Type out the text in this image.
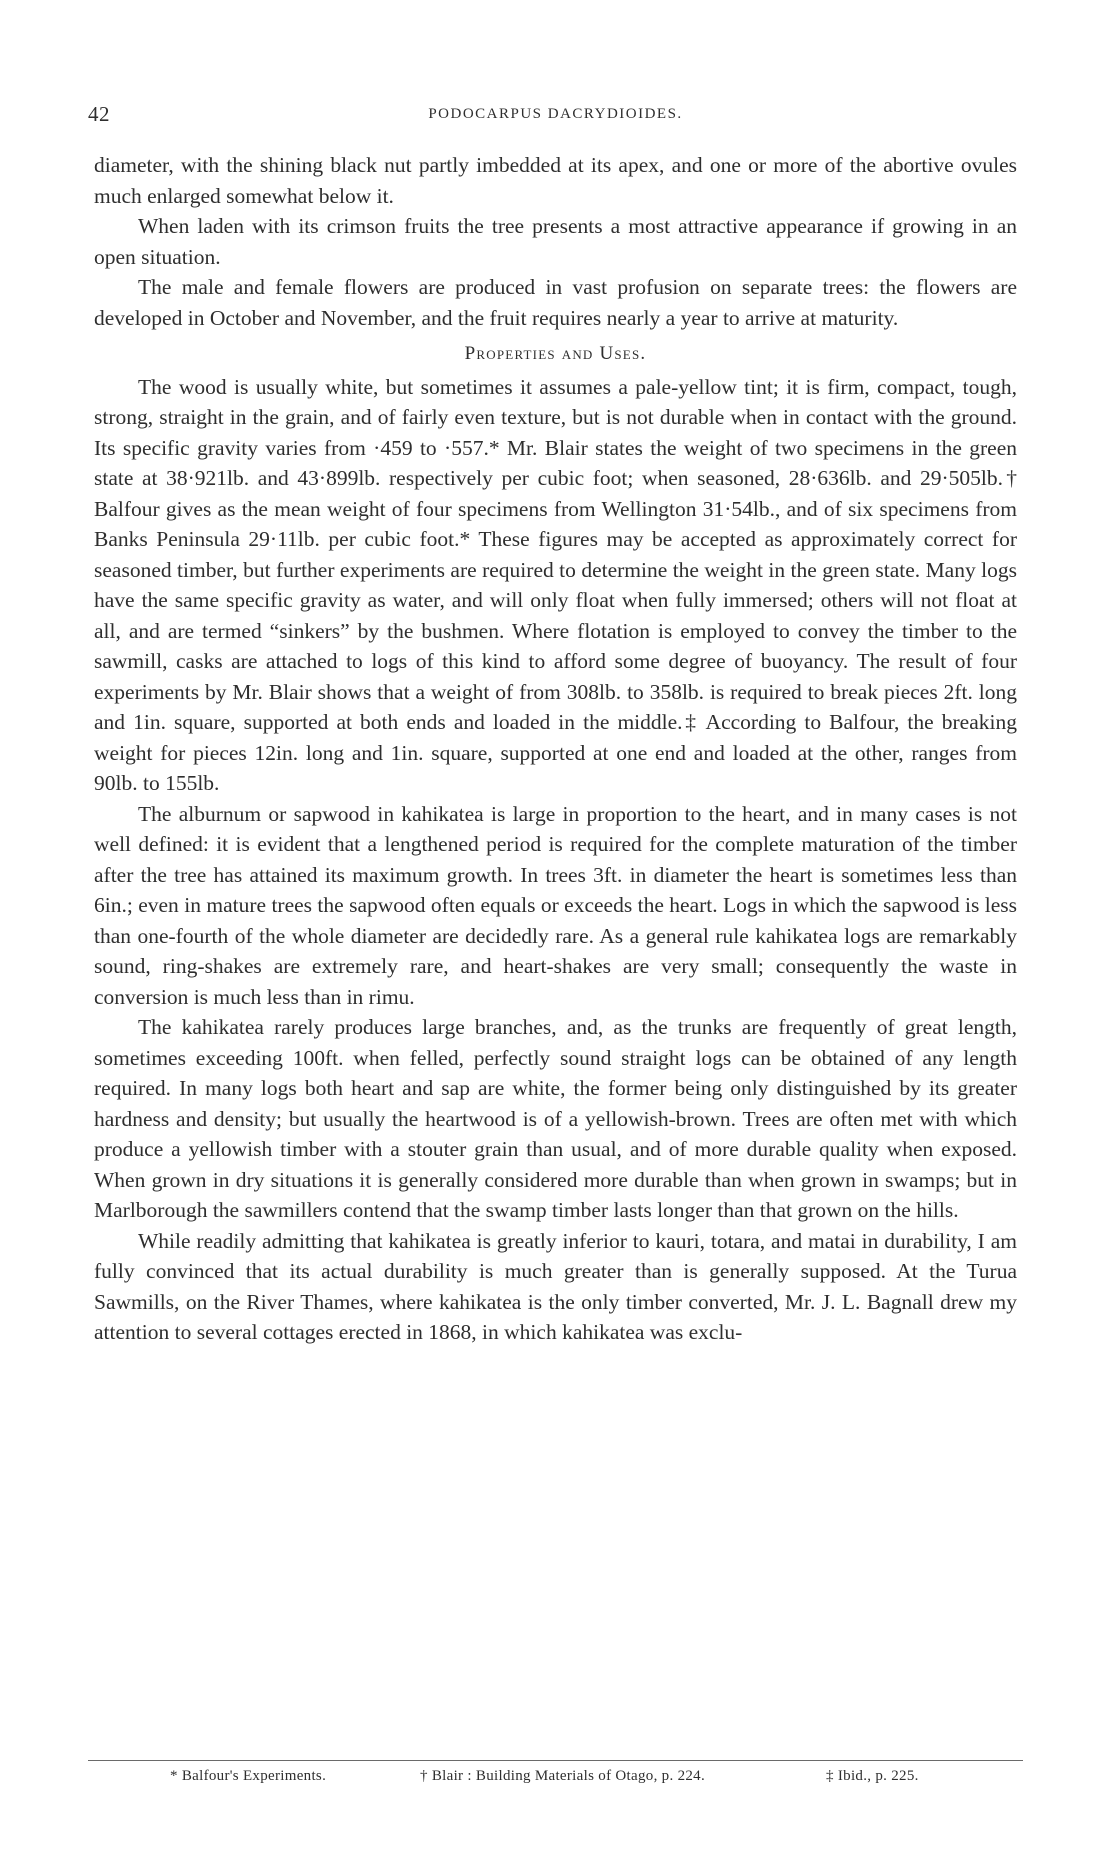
42	PODOCARPUS DACRYDIOIDES.

diameter, with the shining black nut partly imbedded at its apex, and one or more of the abortive ovules much enlarged somewhat below it.

When laden with its crimson fruits the tree presents a most attractive appearance if growing in an open situation.

The male and female flowers are produced in vast profusion on separate trees: the flowers are developed in October and November, and the fruit requires nearly a year to arrive at maturity.

Properties and Uses.

The wood is usually white, but sometimes it assumes a pale-yellow tint; it is firm, compact, tough, strong, straight in the grain, and of fairly even texture, but is not durable when in contact with the ground. Its specific gravity varies from ·459 to ·557.* Mr. Blair states the weight of two specimens in the green state at 38·921lb. and 43·899lb. respectively per cubic foot; when seasoned, 28·636lb. and 29·505lb.† Balfour gives as the mean weight of four specimens from Wellington 31·54lb., and of six specimens from Banks Peninsula 29·11lb. per cubic foot.* These figures may be accepted as approximately correct for seasoned timber, but further experiments are required to determine the weight in the green state. Many logs have the same specific gravity as water, and will only float when fully immersed; others will not float at all, and are termed “sinkers” by the bushmen. Where flotation is employed to convey the timber to the sawmill, casks are attached to logs of this kind to afford some degree of buoyancy. The result of four experiments by Mr. Blair shows that a weight of from 308lb. to 358lb. is required to break pieces 2ft. long and 1in. square, supported at both ends and loaded in the middle.‡ According to Balfour, the breaking weight for pieces 12in. long and 1in. square, supported at one end and loaded at the other, ranges from 90lb. to 155lb.

The alburnum or sapwood in kahikatea is large in proportion to the heart, and in many cases is not well defined: it is evident that a lengthened period is required for the complete maturation of the timber after the tree has attained its maximum growth. In trees 3ft. in diameter the heart is sometimes less than 6in.; even in mature trees the sapwood often equals or exceeds the heart. Logs in which the sapwood is less than one-fourth of the whole diameter are decidedly rare. As a general rule kahikatea logs are remarkably sound, ring-shakes are extremely rare, and heart-shakes are very small; consequently the waste in conversion is much less than in rimu.

The kahikatea rarely produces large branches, and, as the trunks are frequently of great length, sometimes exceeding 100ft. when felled, perfectly sound straight logs can be obtained of any length required. In many logs both heart and sap are white, the former being only distinguished by its greater hardness and density; but usually the heartwood is of a yellowish-brown. Trees are often met with which produce a yellowish timber with a stouter grain than usual, and of more durable quality when exposed. When grown in dry situations it is generally considered more durable than when grown in swamps; but in Marlborough the sawmillers contend that the swamp timber lasts longer than that grown on the hills.

While readily admitting that kahikatea is greatly inferior to kauri, totara, and matai in durability, I am fully convinced that its actual durability is much greater than is generally supposed. At the Turua Sawmills, on the River Thames, where kahikatea is the only timber converted, Mr. J. L. Bagnall drew my attention to several cottages erected in 1868, in which kahikatea was exclu-

* Balfour's Experiments.	† Blair : Building Materials of Otago, p. 224.	‡ Ibid., p. 225.
